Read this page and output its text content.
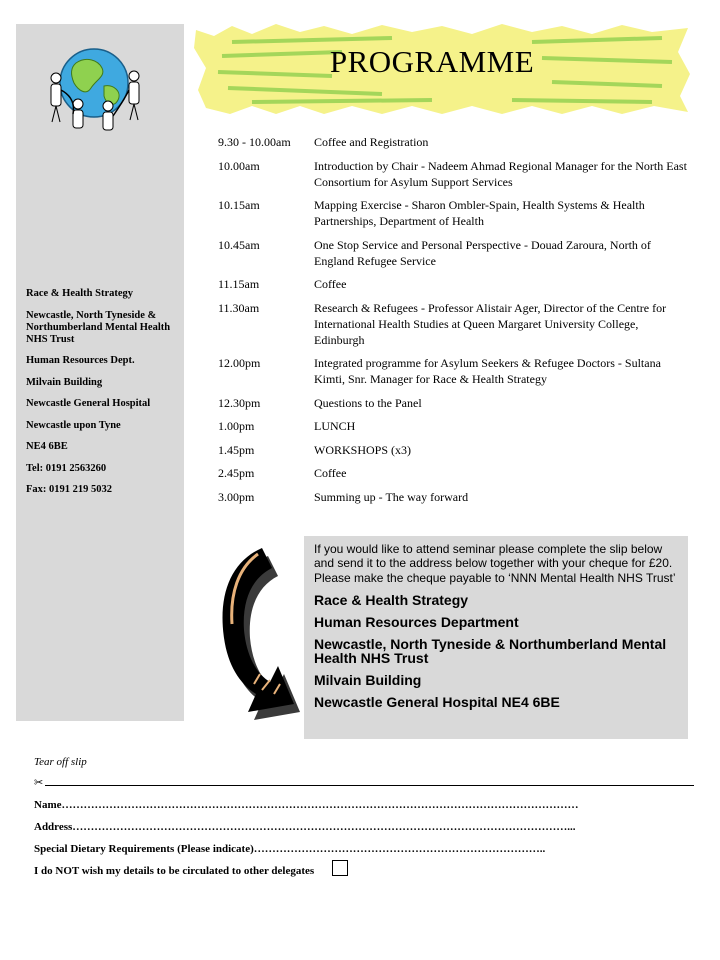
Race & Health Strategy
Newcastle, North Tyneside & Northumberland Mental Health NHS Trust
Human Resources Dept.
Milvain Building
Newcastle General Hospital
Newcastle upon Tyne
NE4 6BE
Tel: 0191 2563260
Fax: 0191 219 5032
PROGRAMME
9.30 - 10.00am	Coffee and Registration
10.00am	Introduction by Chair - Nadeem Ahmad Regional Manager for the North East Consortium for Asylum Support Services
10.15am	Mapping Exercise - Sharon Ombler-Spain, Health Systems & Health Partnerships, Department of Health
10.45am	One Stop Service and Personal Perspective - Douad Zaroura, North of England Refugee Service
11.15am	Coffee
11.30am	Research & Refugees - Professor Alistair Ager, Director of the Centre for International Health Studies at Queen Margaret University College, Edinburgh
12.00pm	Integrated programme for Asylum Seekers & Refugee Doctors - Sultana Kimti, Snr. Manager for Race & Health Strategy
12.30pm	Questions to the Panel
1.00pm	LUNCH
1.45pm	WORKSHOPS (x3)
2.45pm	Coffee
3.00pm	Summing up - The way forward
If you would like to attend seminar please complete the slip below and send it to the address below together with your cheque for £20. Please make the cheque payable to ‘NNN Mental Health NHS Trust’
Race & Health Strategy
Human Resources Department
Newcastle, North Tyneside & Northumberland Mental Health NHS Trust
Milvain Building
Newcastle General Hospital NE4 6BE
Tear off slip
✂
Name……………………………………………………………………………………………………………………………
Address………………………………………………………………………………………………………………………...
Special Dietary Requirements (Please indicate)……………………………………………………………………..
I do NOT wish my details to be circulated to other delegates
